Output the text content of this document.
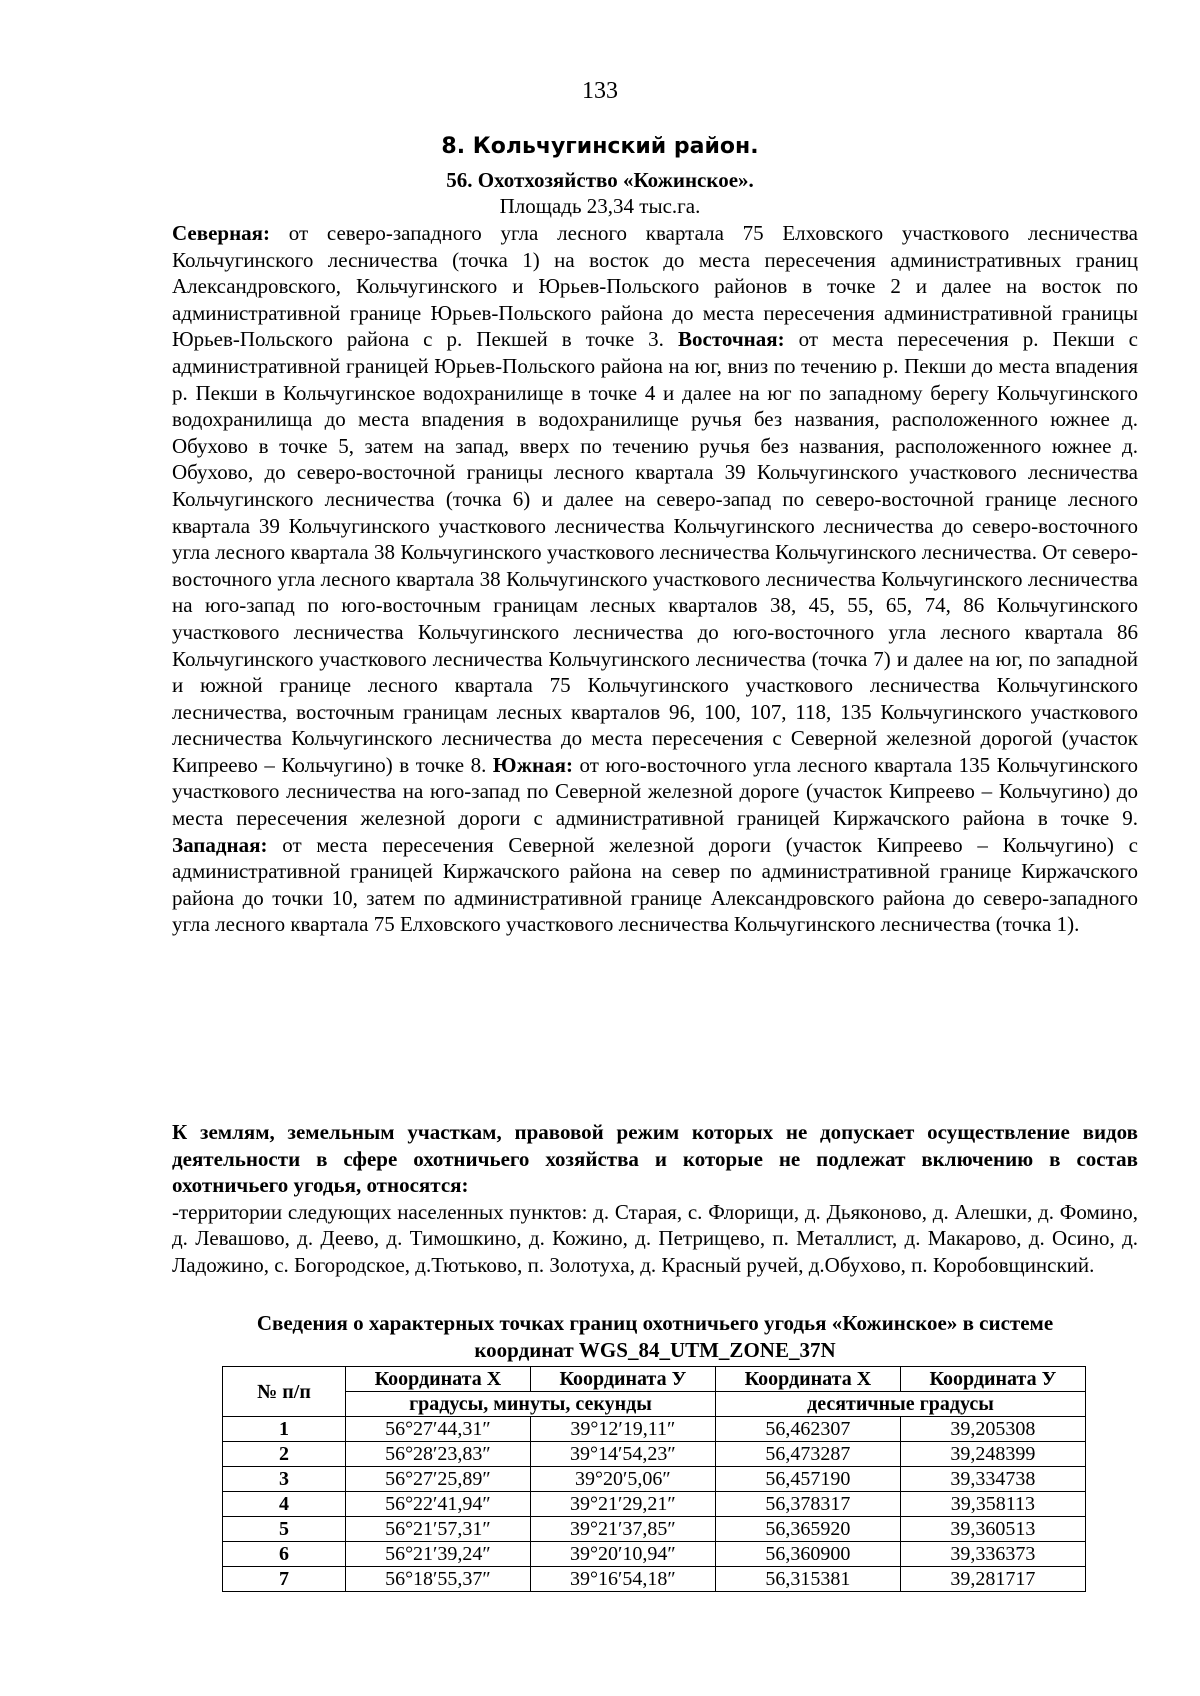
133
8. Кольчугинский район.
56. Охотхозяйство «Кожинское».
Площадь 23,34 тыс.га.
Северная: от северо-западного угла лесного квартала 75 Елховского участкового лесничества Кольчугинского лесничества (точка 1) на восток до места пересечения административных границ Александровского, Кольчугинского и Юрьев-Польского районов в точке 2 и далее на восток по административной границе Юрьев-Польского района до места пересечения административной границы Юрьев-Польского района с р. Пекшей в точке 3. Восточная: от места пересечения р. Пекши с административной границей Юрьев-Польского района на юг, вниз по течению р. Пекши до места впадения р. Пекши в Кольчугинское водохранилище в точке 4 и далее на юг по западному берегу Кольчугинского водохранилища до места впадения в водохранилище ручья без названия, расположенного южнее д. Обухово в точке 5, затем на запад, вверх по течению ручья без названия, расположенного южнее д. Обухово, до северо-восточной границы лесного квартала 39 Кольчугинского участкового лесничества Кольчугинского лесничества (точка 6) и далее на северо-запад по северо-восточной границе лесного квартала 39 Кольчугинского участкового лесничества Кольчугинского лесничества до северо-восточного угла лесного квартала 38 Кольчугинского участкового лесничества Кольчугинского лесничества. От северо-восточного угла лесного квартала 38 Кольчугинского участкового лесничества Кольчугинского лесничества на юго-запад по юго-восточным границам лесных кварталов 38, 45, 55, 65, 74, 86 Кольчугинского участкового лесничества Кольчугинского лесничества до юго-восточного угла лесного квартала 86 Кольчугинского участкового лесничества Кольчугинского лесничества (точка 7) и далее на юг, по западной и южной границе лесного квартала 75 Кольчугинского участкового лесничества Кольчугинского лесничества, восточным границам лесных кварталов 96, 100, 107, 118, 135 Кольчугинского участкового лесничества Кольчугинского лесничества до места пересечения с Северной железной дорогой (участок Кипреево – Кольчугино) в точке 8. Южная: от юго-восточного угла лесного квартала 135 Кольчугинского участкового лесничества на юго-запад по Северной железной дороге (участок Кипреево – Кольчугино) до места пересечения железной дороги с административной границей Киржачского района в точке 9. Западная: от места пересечения Северной железной дороги (участок Кипреево – Кольчугино) с административной границей Киржачского района на север по административной границе Киржачского района до точки 10, затем по административной границе Александровского района до северо-западного угла лесного квартала 75 Елховского участкового лесничества Кольчугинского лесничества (точка 1).
К землям, земельным участкам, правовой режим которых не допускает осуществление видов деятельности в сфере охотничьего хозяйства и которые не подлежат включению в состав охотничьего угодья, относятся:
-территории следующих населенных пунктов: д. Старая, с. Флорищи, д. Дьяконово, д. Алешки, д. Фомино, д. Левашово, д. Деево, д. Тимошкино, д. Кожино, д. Петрищево, п. Металлист, д. Макарово, д. Осино, д. Ладожино, с. Богородское, д.Тютьково, п. Золотуха, д. Красный ручей, д.Обухово, п. Коробовщинский.
Сведения о характерных точках границ охотничьего угодья «Кожинское» в системе
координат WGS_84_UTM_ZONE_37N
№ п/п	Координата Х	Координата У	Координата Х	Координата У
	градусы, минуты, секунды		десятичные градусы	
1	56°27′44,31″	39°12′19,11″	56,462307	39,205308
2	56°28′23,83″	39°14′54,23″	56,473287	39,248399
3	56°27′25,89″	39°20′5,06″	56,457190	39,334738
4	56°22′41,94″	39°21′29,21″	56,378317	39,358113
5	56°21′57,31″	39°21′37,85″	56,365920	39,360513
6	56°21′39,24″	39°20′10,94″	56,360900	39,336373
7	56°18′55,37″	39°16′54,18″	56,315381	39,281717
